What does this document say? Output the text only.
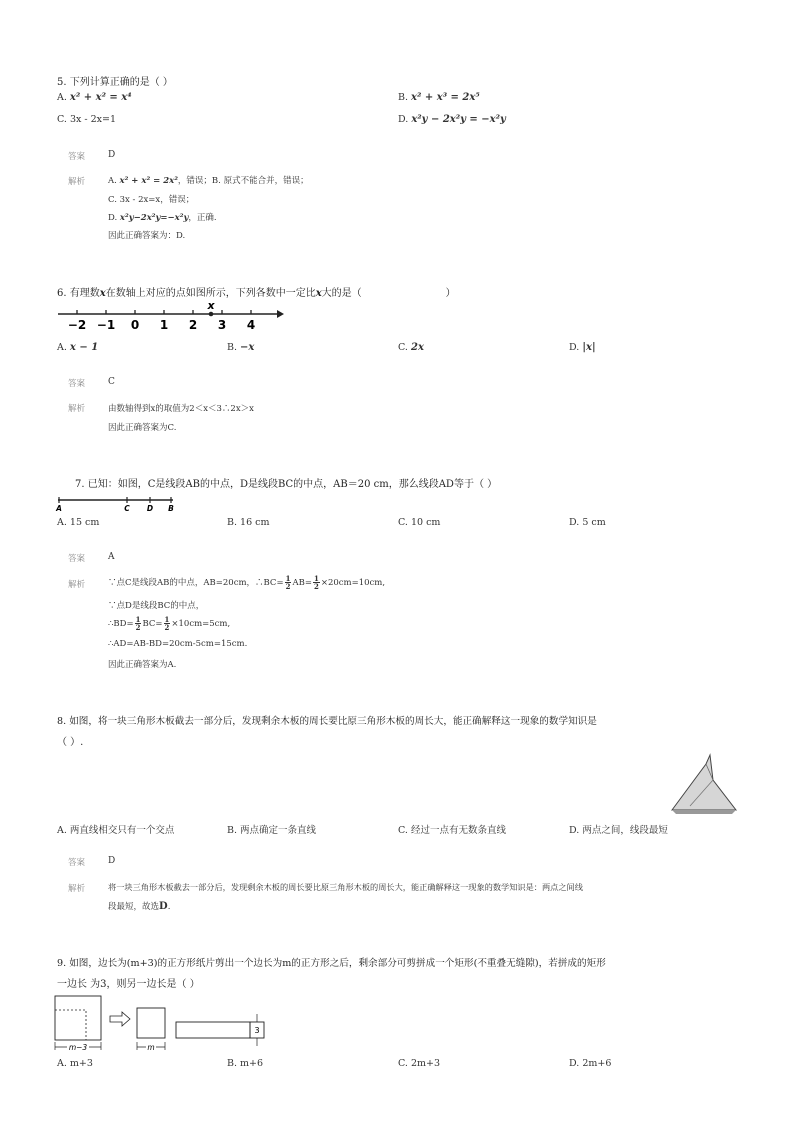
5. 下列计算正确的是（ ）
A. x² + x² = x⁴	B. x² + x³ = 2x⁵
C. 3x - 2x=1	D. x²y − 2x²y = −x²y
答案	D
解析	A. x² + x² = 2x²，错误；B. 原式不能合并，错误；
C. 3x - 2x=x，错误；
D. x²y−2x²y=−x²y，正确.
因此正确答案为：D.
6. 有理数x在数轴上对应的点如图所示，下列各数中一定比x大的是（	）
−2 −1 0 1 2 3 4
x
A. x − 1	B. −x	C. 2x	D. |x|
答案	C
解析	由数轴得到x的取值为2＜x＜3∴2x＞x
因此正确答案为C.
7. 已知：如图，C是线段AB的中点，D是线段BC的中点，AB＝20 cm，那么线段AD等于（ ）
A	C D B
A. 15 cm	B. 16 cm	C. 10 cm	D. 5 cm
答案	A
解析	∵点C是线段AB的中点，AB=20cm，∴BC= $\frac{1}{2} AB= \frac{1}{2} \times 20cm=10cm$,
∵点D是线段BC的中点，
∴BD= $\frac{1}{2} BC= \frac{1}{2} \times 10cm=5cm$,
∴AD=AB-BD=20cm-5cm=15cm.
因此正确答案为A.
8. 如图，将一块三角形木板截去一部分后，发现剩余木板的周长要比原三角形木板的周长大，能正确解释这一现象的数学知识是
（ ）.
A. 两直线相交只有一个交点	B. 两点确定一条直线	C. 经过一点有无数条直线	D. 两点之间，线段最短
答案	D
解析	将一块三角形木板截去一部分后，发现剩余木板的周长要比原三角形木板的周长大，能正确解释这一现象的数学知识是：两点之间线
段最短，故选D.
9. 如图，边长为(m+3)的正方形纸片剪出一个边长为m的正方形之后，剩余部分可剪拼成一个矩形(不重叠无缝隙)，若拼成的矩形
一边长 为3，则另一边长是（ ）
m−3	m
3
A. m+3	B. m+6	C. 2m+3	D. 2m+6
